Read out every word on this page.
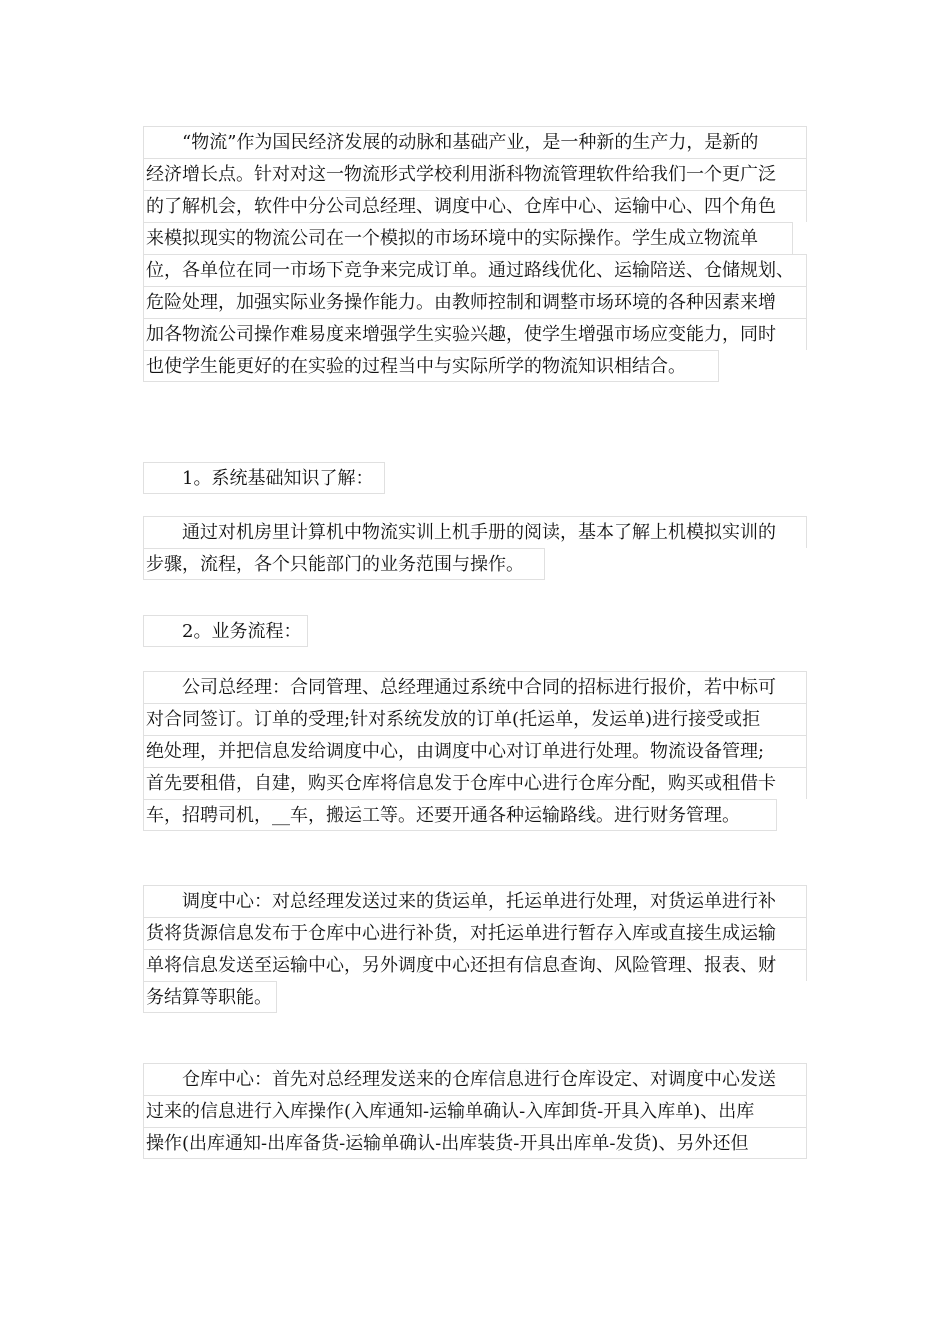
　　“物流”作为国民经济发展的动脉和基础产业，是一种新的生产力，是新的
经济增长点。针对对这一物流形式学校利用浙科物流管理软件给我们一个更广泛
的了解机会，软件中分公司总经理、调度中心、仓库中心、运输中心、四个角色
来模拟现实的物流公司在一个模拟的市场环境中的实际操作。学生成立物流单
位，各单位在同一市场下竞争来完成订单。通过路线优化、运输陪送、仓储规划、
危险处理，加强实际业务操作能力。由教师控制和调整市场环境的各种因素来增
加各物流公司操作难易度来增强学生实验兴趣，使学生增强市场应变能力，同时
也使学生能更好的在实验的过程当中与实际所学的物流知识相结合。
　　1。系统基础知识了解：
　　通过对机房里计算机中物流实训上机手册的阅读，基本了解上机模拟实训的
步骤，流程，各个只能部门的业务范围与操作。
　　2。业务流程：
　　公司总经理：合同管理、总经理通过系统中合同的招标进行报价，若中标可
对合同签订。订单的受理;针对系统发放的订单(托运单，发运单)进行接受或拒
绝处理，并把信息发给调度中心，由调度中心对订单进行处理。物流设备管理;
首先要租借，自建，购买仓库将信息发于仓库中心进行仓库分配，购买或租借卡
车，招聘司机，__车，搬运工等。还要开通各种运输路线。进行财务管理。
　　调度中心：对总经理发送过来的货运单，托运单进行处理，对货运单进行补
货将货源信息发布于仓库中心进行补货，对托运单进行暂存入库或直接生成运输
单将信息发送至运输中心，另外调度中心还担有信息查询、风险管理、报表、财
务结算等职能。
　　仓库中心：首先对总经理发送来的仓库信息进行仓库设定、对调度中心发送
过来的信息进行入库操作(入库通知-运输单确认-入库卸货-开具入库单)、出库
操作(出库通知-出库备货-运输单确认-出库装货-开具出库单-发货)、另外还但
